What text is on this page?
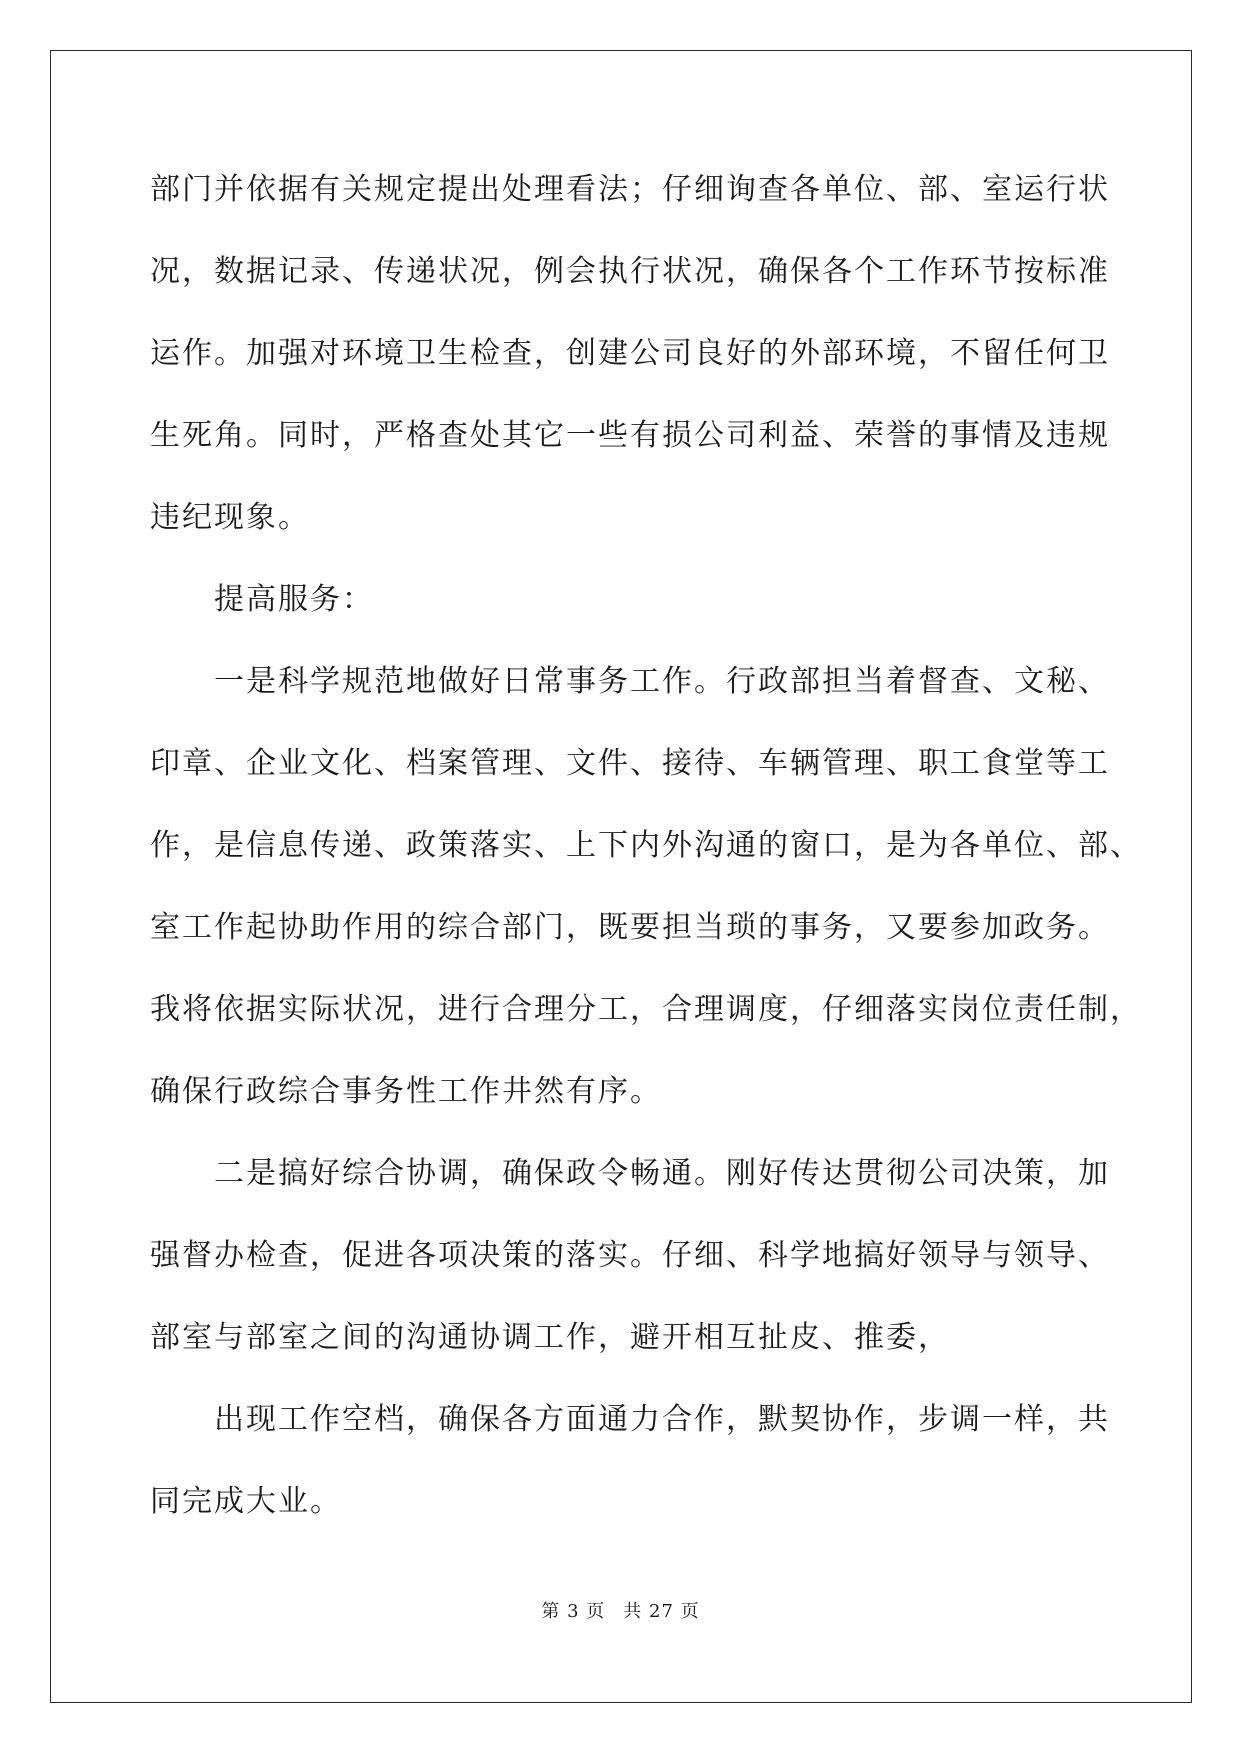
部门并依据有关规定提出处理看法；仔细询查各单位、部、室运行状
况，数据记录、传递状况，例会执行状况，确保各个工作环节按标准
运作。加强对环境卫生检查，创建公司良好的外部环境，不留任何卫
生死角。同时，严格查处其它一些有损公司利益、荣誉的事情及违规
违纪现象。
提高服务：
一是科学规范地做好日常事务工作。行政部担当着督查、文秘、
印章、企业文化、档案管理、文件、接待、车辆管理、职工食堂等工
作，是信息传递、政策落实、上下内外沟通的窗口，是为各单位、部、
室工作起协助作用的综合部门，既要担当琐的事务，又要参加政务。
我将依据实际状况，进行合理分工，合理调度，仔细落实岗位责任制，
确保行政综合事务性工作井然有序。
二是搞好综合协调，确保政令畅通。刚好传达贯彻公司决策，加
强督办检查，促进各项决策的落实。仔细、科学地搞好领导与领导、
部室与部室之间的沟通协调工作，避开相互扯皮、推委，
出现工作空档，确保各方面通力合作，默契协作，步调一样，共
同完成大业。
第 3 页 共 27 页
